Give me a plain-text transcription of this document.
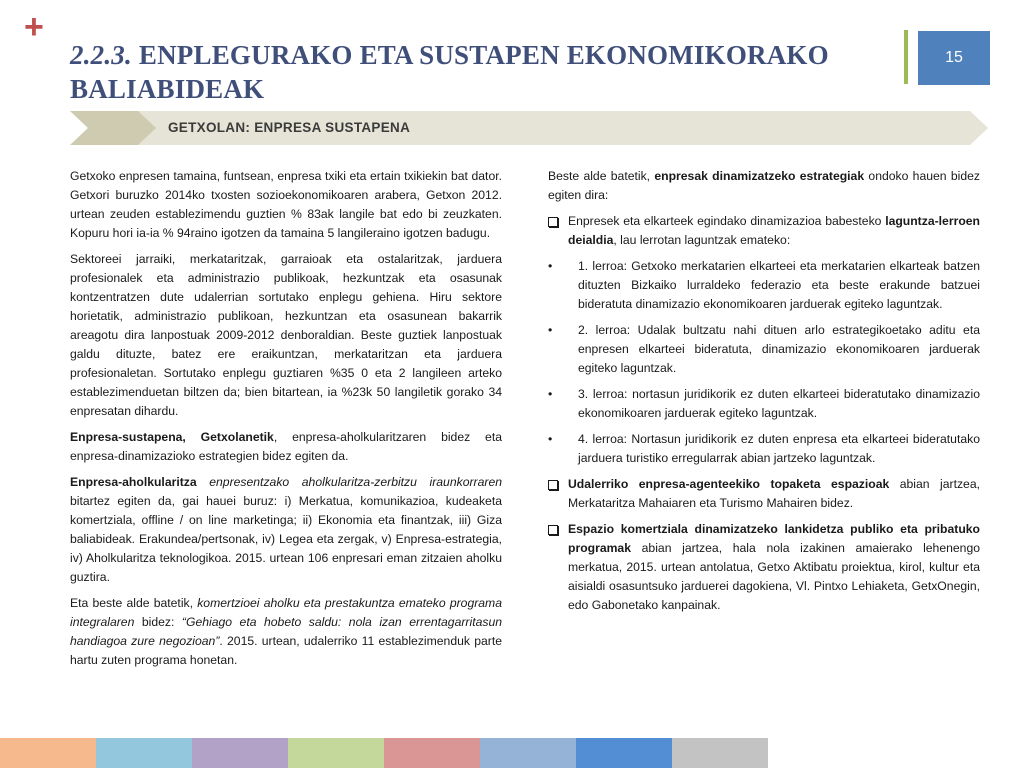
+
2.2.3. ENPLEGURAKO ETA SUSTAPEN EKONOMIKORAKO BALIABIDEAK
15
GETXOLAN: ENPRESA SUSTAPENA

Getxoko enpresen tamaina, funtsean, enpresa txiki eta ertain txikiekin bat dator. Getxori buruzko 2014ko txosten sozioekonomikoaren arabera, Getxon 2012. urtean zeuden establezimendu guztien % 83ak langile bat edo bi zeuzkaten. Kopuru hori ia-ia % 94raino igotzen da tamaina 5 langileraino igotzen badugu.

Sektoreei jarraiki, merkataritzak, garraioak eta ostalaritzak, jarduera profesionalek eta administrazio publikoak, hezkuntzak eta osasunak kontzentratzen dute udalerrian sortutako enplegu gehiena. Hiru sektore horietatik, administrazio publikoan, hezkuntzan eta osasunean bakarrik areagotu dira lanpostuak 2009-2012 denboraldian. Beste guztiek lanpostuak galdu dituzte, batez ere eraikuntzan, merkataritzan eta jarduera profesionaletan. Sortutako enplegu guztiaren %35 0 eta 2 langileen arteko establezimenduetan biltzen da; bien bitartean, ia %23k 50 langiletik gorako 34 enpresatan dihardu.

Enpresa-sustapena, Getxolanetik, enpresa-aholkularitzaren bidez eta enpresa-dinamizazioko estrategien bidez egiten da.

Enpresa-aholkularitza enpresentzako aholkularitza-zerbitzu iraunkorraren bitartez egiten da, gai hauei buruz: i) Merkatua, komunikazioa, kudeaketa komertziala, offline / on line marketinga; ii) Ekonomia eta finantzak, iii) Giza baliabideak. Erakundea/pertsonak, iv) Legea eta zergak, v) Enpresa-estrategia, iv) Aholkularitza teknologikoa. 2015. urtean 106 enpresari eman zitzaien aholku guztira.

Eta beste alde batetik, komertzioei aholku eta prestakuntza emateko programa integralaren bidez: “Gehiago eta hobeto saldu: nola izan errentagarritasun handiagoa zure negozioan”. 2015. urtean, udalerriko 11 establezimenduk parte hartu zuten programa honetan.

Beste alde batetik, enpresak dinamizatzeko estrategiak ondoko hauen bidez egiten dira:

Enpresek eta elkarteek egindako dinamizazioa babesteko laguntza-lerroen deialdia, lau lerrotan laguntzak emateko:
• 1. lerroa: Getxoko merkatarien elkarteei eta merkatarien elkarteak batzen dituzten Bizkaiko lurraldeko federazio eta beste erakunde batzuei bideratuta dinamizazio ekonomikoaren jarduerak egiteko laguntzak.
• 2. lerroa: Udalak bultzatu nahi dituen arlo estrategikoetako aditu eta enpresen elkarteei bideratuta, dinamizazio ekonomikoaren jarduerak egiteko laguntzak.
• 3. lerroa: nortasun juridikorik ez duten elkarteei bideratutako dinamizazio ekonomikoaren jarduerak egiteko laguntzak.
• 4. lerroa: Nortasun juridikorik ez duten enpresa eta elkarteei bideratutako jarduera turistiko erregularrak abian jartzeko laguntzak.
Udalerriko enpresa-agenteekiko topaketa espazioak abian jartzea, Merkataritza Mahaiaren eta Turismo Mahairen bidez.
Espazio komertziala dinamizatzeko lankidetza publiko eta pribatuko programak abian jartzea, hala nola izakinen amaierako lehenengo merkatua, 2015. urtean antolatua, Getxo Aktibatu proiektua, kirol, kultur eta aisialdi osasuntsuko jarduerei dagokiena, Vl. Pintxo Lehiaketa, GetxOnegin, edo Gabonetako kanpainak.
